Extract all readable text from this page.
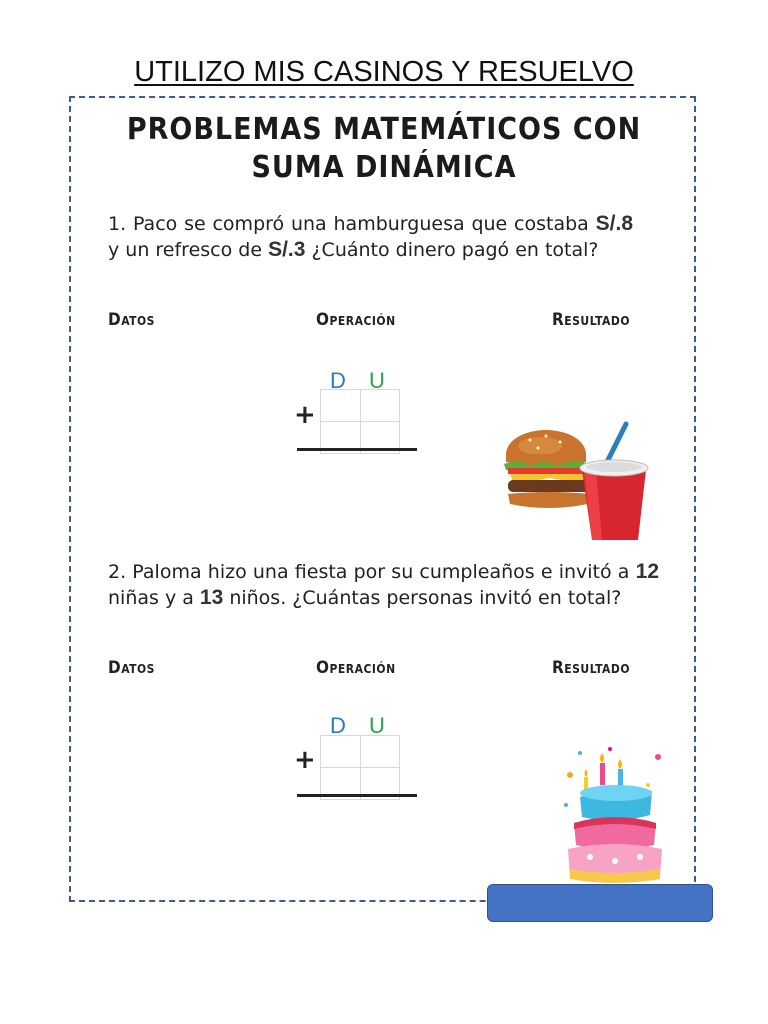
UTILIZO MIS CASINOS Y RESUELVO
PROBLEMAS MATEMÁTICOS CON
SUMA DINÁMICA
1. Paco se compró una hamburguesa que costaba S/.8 y un refresco de S/.3 ¿Cuánto dinero pagó en total?
Datos	Operación	Resultado
D U

+
2. Paloma hizo una fiesta por su cumpleaños e invitó a 12 niñas y a 13 niños. ¿Cuántas personas invitó en total?
Datos	Operación	Resultado
D U

+
